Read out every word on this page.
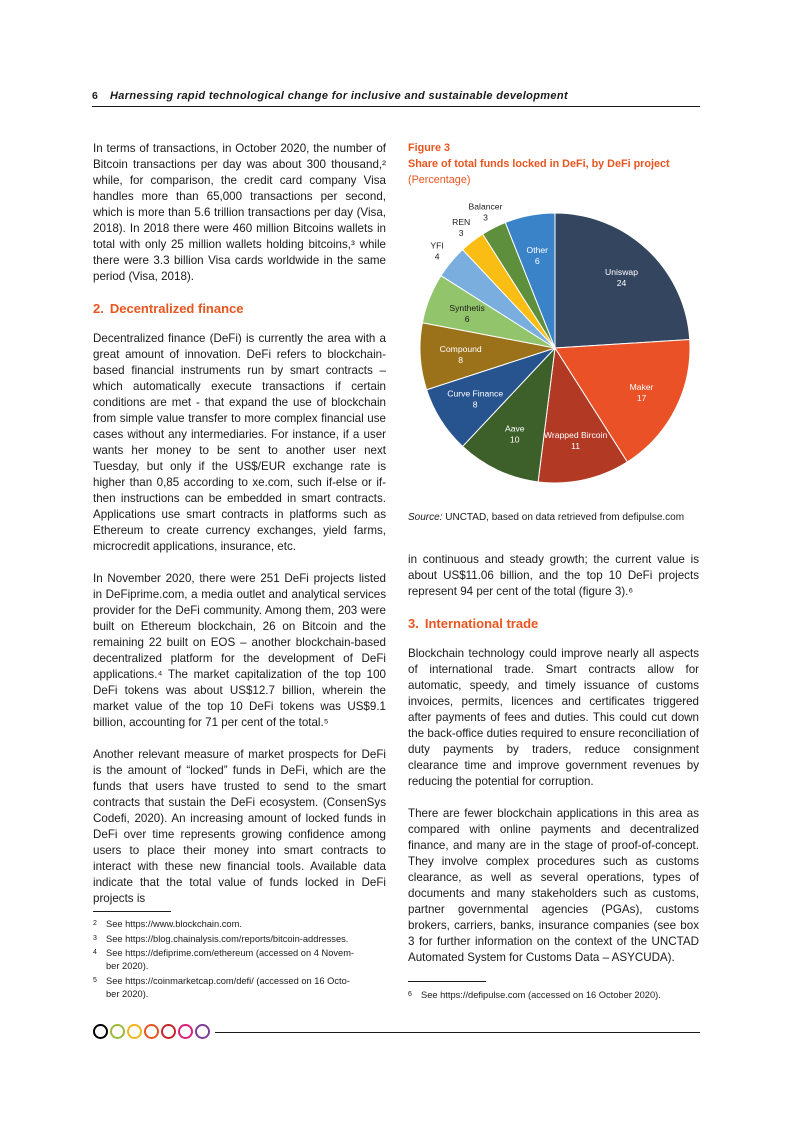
6 Harnessing rapid technological change for inclusive and sustainable development

In terms of transactions, in October 2020, the number of Bitcoin transactions per day was about 300 thousand,² while, for comparison, the credit card company Visa handles more than 65,000 transactions per second, which is more than 5.6 trillion transactions per day (Visa, 2018). In 2018 there were 460 million Bitcoins wallets in total with only 25 million wallets holding bitcoins,³ while there were 3.3 billion Visa cards worldwide in the same period (Visa, 2018).

2. Decentralized finance

Decentralized finance (DeFi) is currently the area with a great amount of innovation. DeFi refers to blockchain-based financial instruments run by smart contracts – which automatically execute transactions if certain conditions are met - that expand the use of blockchain from simple value transfer to more complex financial use cases without any intermediaries. For instance, if a user wants her money to be sent to another user next Tuesday, but only if the US$/EUR exchange rate is higher than 0,85 according to xe.com, such if-else or if-then instructions can be embedded in smart contracts. Applications use smart contracts in platforms such as Ethereum to create currency exchanges, yield farms, microcredit applications, insurance, etc.

In November 2020, there were 251 DeFi projects listed in DeFiprime.com, a media outlet and analytical services provider for the DeFi community. Among them, 203 were built on Ethereum blockchain, 26 on Bitcoin and the remaining 22 built on EOS – another blockchain-based decentralized platform for the development of DeFi applications.⁴ The market capitalization of the top 100 DeFi tokens was about US$12.7 billion, wherein the market value of the top 10 DeFi tokens was US$9.1 billion, accounting for 71 per cent of the total.⁵

Another relevant measure of market prospects for DeFi is the amount of “locked” funds in DeFi, which are the funds that users have trusted to send to the smart contracts that sustain the DeFi ecosystem. (ConsenSys Codefi, 2020). An increasing amount of locked funds in DeFi over time represents growing confidence among users to place their money into smart contracts to interact with these new financial tools. Available data indicate that the total value of funds locked in DeFi projects is

Figure 3
Share of total funds locked in DeFi, by DeFi project
(Percentage)
Uniswap
24
Maker
17
Wrapped Bircoin
11
Aave
10
Curve Finance
8
Compound
8
Synthetis
6
YFI
4
REN
3
Balancer
3
Other
6
Source: UNCTAD, based on data retrieved from defipulse.com

in continuous and steady growth; the current value is about US$11.06 billion, and the top 10 DeFi projects represent 94 per cent of the total (figure 3).⁶

3. International trade

Blockchain technology could improve nearly all aspects of international trade. Smart contracts allow for automatic, speedy, and timely issuance of customs invoices, permits, licences and certificates triggered after payments of fees and duties. This could cut down the back-office duties required to ensure reconciliation of duty payments by traders, reduce consignment clearance time and improve government revenues by reducing the potential for corruption.

There are fewer blockchain applications in this area as compared with online payments and decentralized finance, and many are in the stage of proof-of-concept. They involve complex procedures such as customs clearance, as well as several operations, types of documents and many stakeholders such as customs, partner governmental agencies (PGAs), customs brokers, carriers, banks, insurance companies (see box 3 for further information on the context of the UNCTAD Automated System for Customs Data – ASYCUDA).

2 See https://www.blockchain.com.
3 See https://blog.chainalysis.com/reports/bitcoin-addresses.
4 See https://defiprime.com/ethereum (accessed on 4 Novem-
ber 2020).
5 See https://coinmarketcap.com/defi/ (accessed on 16 Octo-
ber 2020).	6 See https://defipulse.com (accessed on 16 October 2020).
